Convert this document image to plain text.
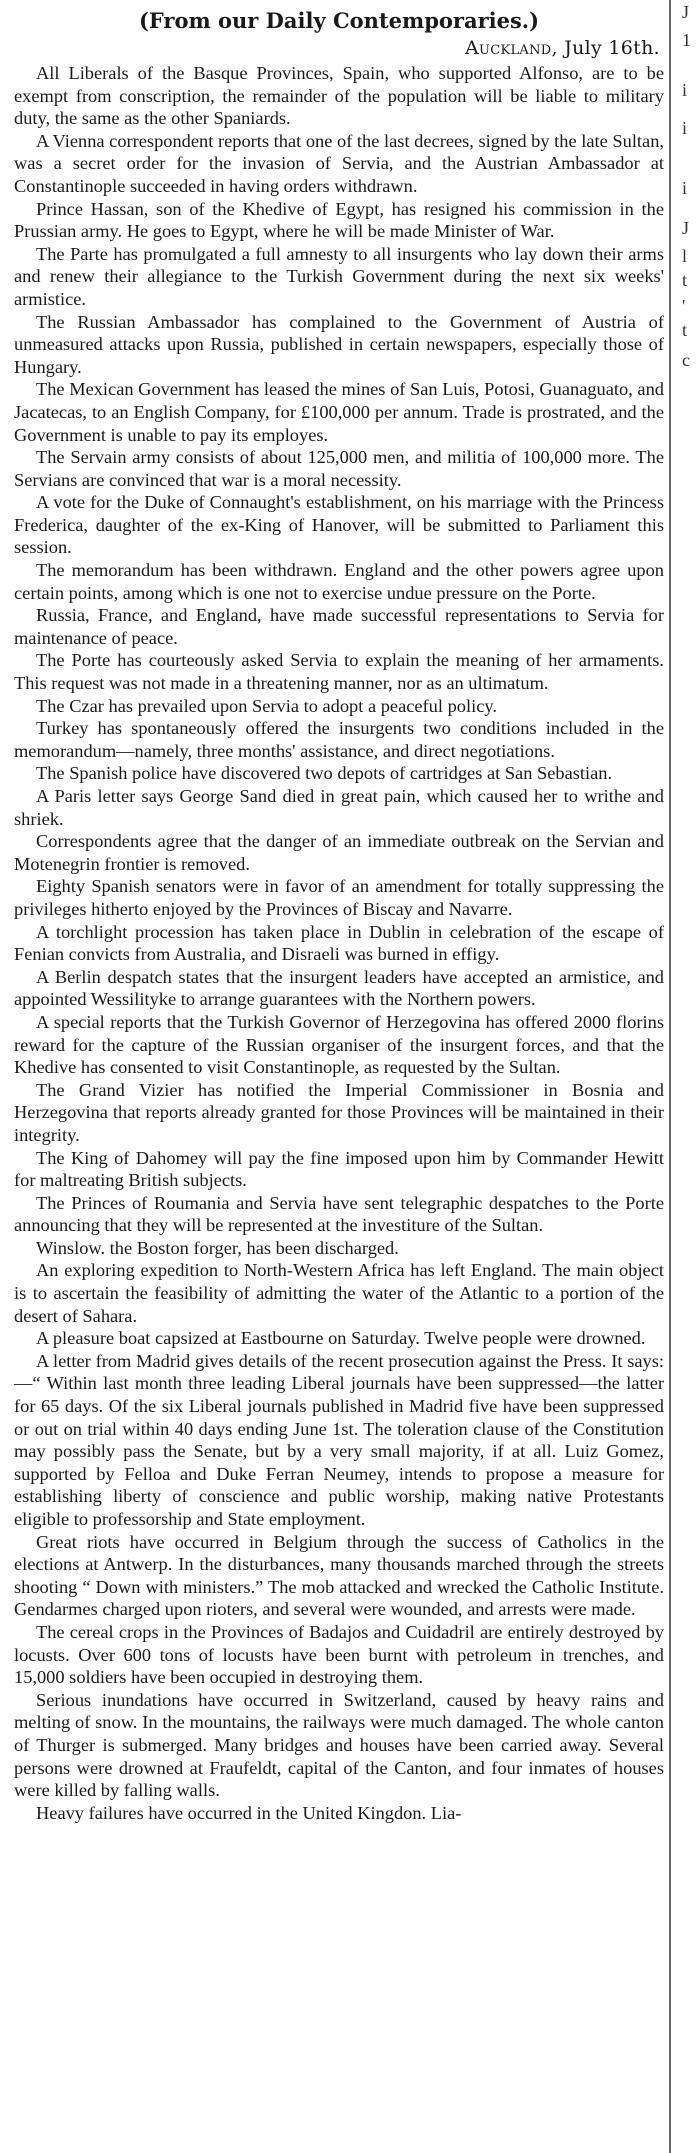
(From our Daily Contemporaries.)
Auckland, July 16th.

All Liberals of the Basque Provinces, Spain, who supported Alfonso, are to be exempt from conscription, the remainder of the population will be liable to military duty, the same as the other Spaniards.

A Vienna correspondent reports that one of the last decrees, signed by the late Sultan, was a secret order for the invasion of Servia, and the Austrian Ambassador at Constantinople succeeded in having orders withdrawn.

Prince Hassan, son of the Khedive of Egypt, has resigned his commission in the Prussian army. He goes to Egypt, where he will be made Minister of War.

The Parte has promulgated a full amnesty to all insurgents who lay down their arms and renew their allegiance to the Turkish Government during the next six weeks' armistice.

The Russian Ambassador has complained to the Government of Austria of unmeasured attacks upon Russia, published in certain newspapers, especially those of Hungary.

The Mexican Government has leased the mines of San Luis, Potosi, Guanaguato, and Jacatecas, to an English Company, for £100,000 per annum. Trade is prostrated, and the Government is unable to pay its employes.

The Servain army consists of about 125,000 men, and militia of 100,000 more. The Servians are convinced that war is a moral necessity.

A vote for the Duke of Connaught's establishment, on his marriage with the Princess Frederica, daughter of the ex-King of Hanover, will be submitted to Parliament this session.

The memorandum has been withdrawn. England and the other powers agree upon certain points, among which is one not to exercise undue pressure on the Porte.

Russia, France, and England, have made successful representations to Servia for maintenance of peace.

The Porte has courteously asked Servia to explain the meaning of her armaments. This request was not made in a threatening manner, nor as an ultimatum.

The Czar has prevailed upon Servia to adopt a peaceful policy.

Turkey has spontaneously offered the insurgents two conditions included in the memorandum—namely, three months' assistance, and direct negotiations.

The Spanish police have discovered two depots of cartridges at San Sebastian.

A Paris letter says George Sand died in great pain, which caused her to writhe and shriek.

Correspondents agree that the danger of an immediate outbreak on the Servian and Motenegrin frontier is removed.

Eighty Spanish senators were in favor of an amendment for totally suppressing the privileges hitherto enjoyed by the Provinces of Biscay and Navarre.

A torchlight procession has taken place in Dublin in celebration of the escape of Fenian convicts from Australia, and Disraeli was burned in effigy.

A Berlin despatch states that the insurgent leaders have accepted an armistice, and appointed Wessilityke to arrange guarantees with the Northern powers.

A special reports that the Turkish Governor of Herzegovina has offered 2000 florins reward for the capture of the Russian organiser of the insurgent forces, and that the Khedive has consented to visit Constantinople, as requested by the Sultan.

The Grand Vizier has notified the Imperial Commissioner in Bosnia and Herzegovina that reports already granted for those Provinces will be maintained in their integrity.

The King of Dahomey will pay the fine imposed upon him by Commander Hewitt for maltreating British subjects.

The Princes of Roumania and Servia have sent telegraphic despatches to the Porte announcing that they will be represented at the investiture of the Sultan.

Winslow. the Boston forger, has been discharged.

An exploring expedition to North-Western Africa has left England. The main object is to ascertain the feasibility of admitting the water of the Atlantic to a portion of the desert of Sahara.

A pleasure boat capsized at Eastbourne on Saturday. Twelve people were drowned.

A letter from Madrid gives details of the recent prosecution against the Press. It says:—“ Within last month three leading Liberal journals have been suppressed—the latter for 65 days. Of the six Liberal journals published in Madrid five have been suppressed or out on trial within 40 days ending June 1st. The toleration clause of the Constitution may possibly pass the Senate, but by a very small majority, if at all. Luiz Gomez, supported by Felloa and Duke Ferran Neumey, intends to propose a measure for establishing liberty of conscience and public worship, making native Protestants eligible to professorship and State employment.

Great riots have occurred in Belgium through the success of Catholics in the elections at Antwerp. In the disturbances, many thousands marched through the streets shooting “ Down with ministers.” The mob attacked and wrecked the Catholic Institute. Gendarmes charged upon rioters, and several were wounded, and arrests were made.

The cereal crops in the Provinces of Badajos and Cuidadril are entirely destroyed by locusts. Over 600 tons of locusts have been burnt with petroleum in trenches, and 15,000 soldiers have been occupied in destroying them.

Serious inundations have occurred in Switzerland, caused by heavy rains and melting of snow. In the mountains, the railways were much damaged. The whole canton of Thurger is submerged. Many bridges and houses have been carried away. Several persons were drowned at Fraufeldt, capital of the Canton, and four inmates of houses were killed by falling walls.

Heavy failures have occurred in the United Kingdon. Lia-

J
1
i
i
i
J
l
t
'
t
c
